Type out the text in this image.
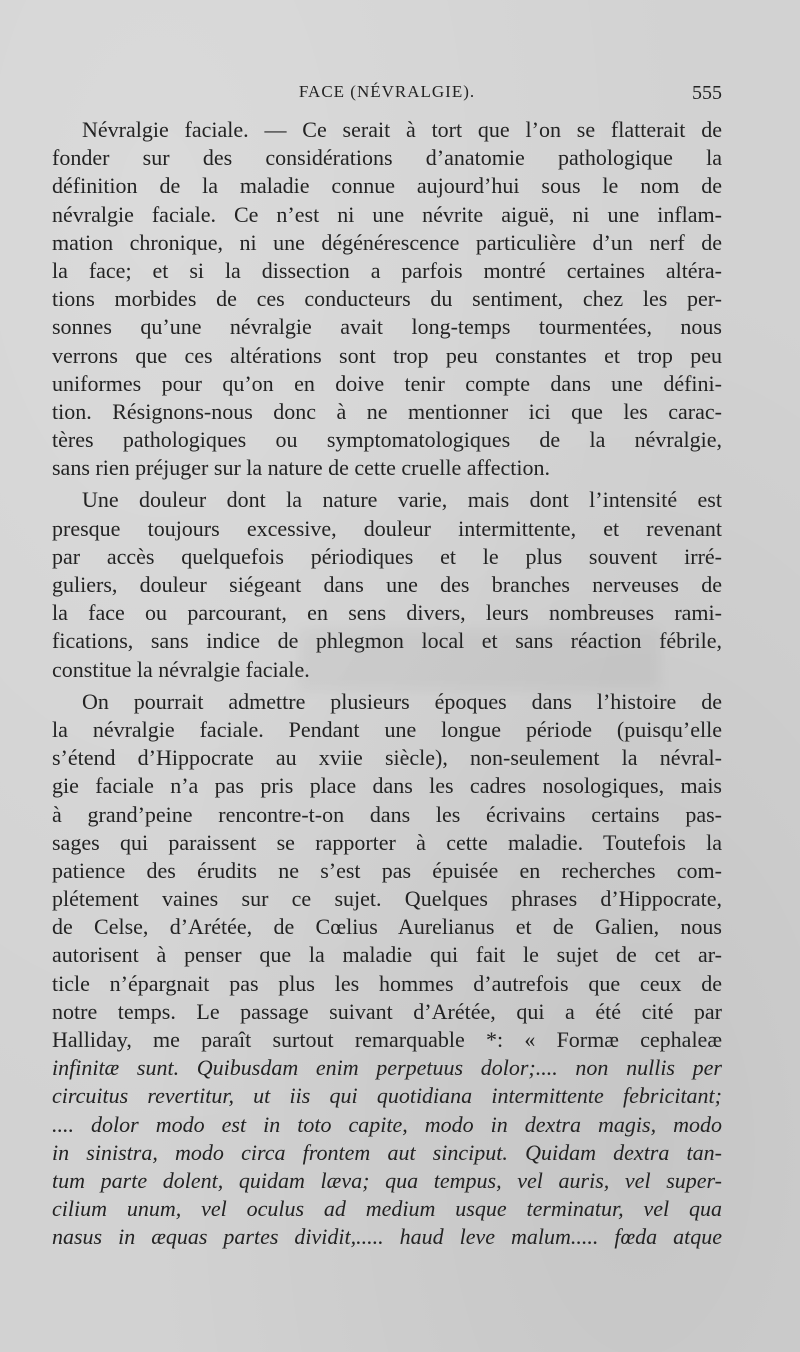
FACE (NÉVRALGIE).	555
Névralgie faciale. — Ce serait à tort que l’on se flatterait de
fonder sur des considérations d’anatomie pathologique la
définition de la maladie connue aujourd’hui sous le nom de
névralgie faciale. Ce n’est ni une névrite aiguë, ni une inflam-
mation chronique, ni une dégénérescence particulière d’un nerf de
la face; et si la dissection a parfois montré certaines altéra-
tions morbides de ces conducteurs du sentiment, chez les per-
sonnes qu’une névralgie avait long-temps tourmentées, nous
verrons que ces altérations sont trop peu constantes et trop peu
uniformes pour qu’on en doive tenir compte dans une défini-
tion. Résignons-nous donc à ne mentionner ici que les carac-
tères pathologiques ou symptomatologiques de la névralgie,
sans rien préjuger sur la nature de cette cruelle affection.
Une douleur dont la nature varie, mais dont l’intensité est
presque toujours excessive, douleur intermittente, et revenant
par accès quelquefois périodiques et le plus souvent irré-
guliers, douleur siégeant dans une des branches nerveuses de
la face ou parcourant, en sens divers, leurs nombreuses rami-
fications, sans indice de phlegmon local et sans réaction fébrile,
constitue la névralgie faciale.
On pourrait admettre plusieurs époques dans l’histoire de
la névralgie faciale. Pendant une longue période (puisqu’elle
s’étend d’Hippocrate au xviie siècle), non-seulement la névral-
gie faciale n’a pas pris place dans les cadres nosologiques, mais
à grand’peine rencontre-t-on dans les écrivains certains pas-
sages qui paraissent se rapporter à cette maladie. Toutefois la
patience des érudits ne s’est pas épuisée en recherches com-
plétement vaines sur ce sujet. Quelques phrases d’Hippocrate,
de Celse, d’Arétée, de Cœlius Aurelianus et de Galien, nous
autorisent à penser que la maladie qui fait le sujet de cet ar-
ticle n’épargnait pas plus les hommes d’autrefois que ceux de
notre temps. Le passage suivant d’Arétée, qui a été cité par
Halliday, me paraît surtout remarquable *: « Formæ cephaleæ
infinitæ sunt. Quibusdam enim perpetuus dolor;.... non nullis per
circuitus revertitur, ut iis qui quotidiana intermittente febricitant;
.... dolor modo est in toto capite, modo in dextra magis, modo
in sinistra, modo circa frontem aut sinciput. Quidam dextra tan-
tum parte dolent, quidam læva; qua tempus, vel auris, vel super-
cilium unum, vel oculus ad medium usque terminatur, vel qua
nasus in æquas partes dividit,..... haud leve malum..... fœda atque
